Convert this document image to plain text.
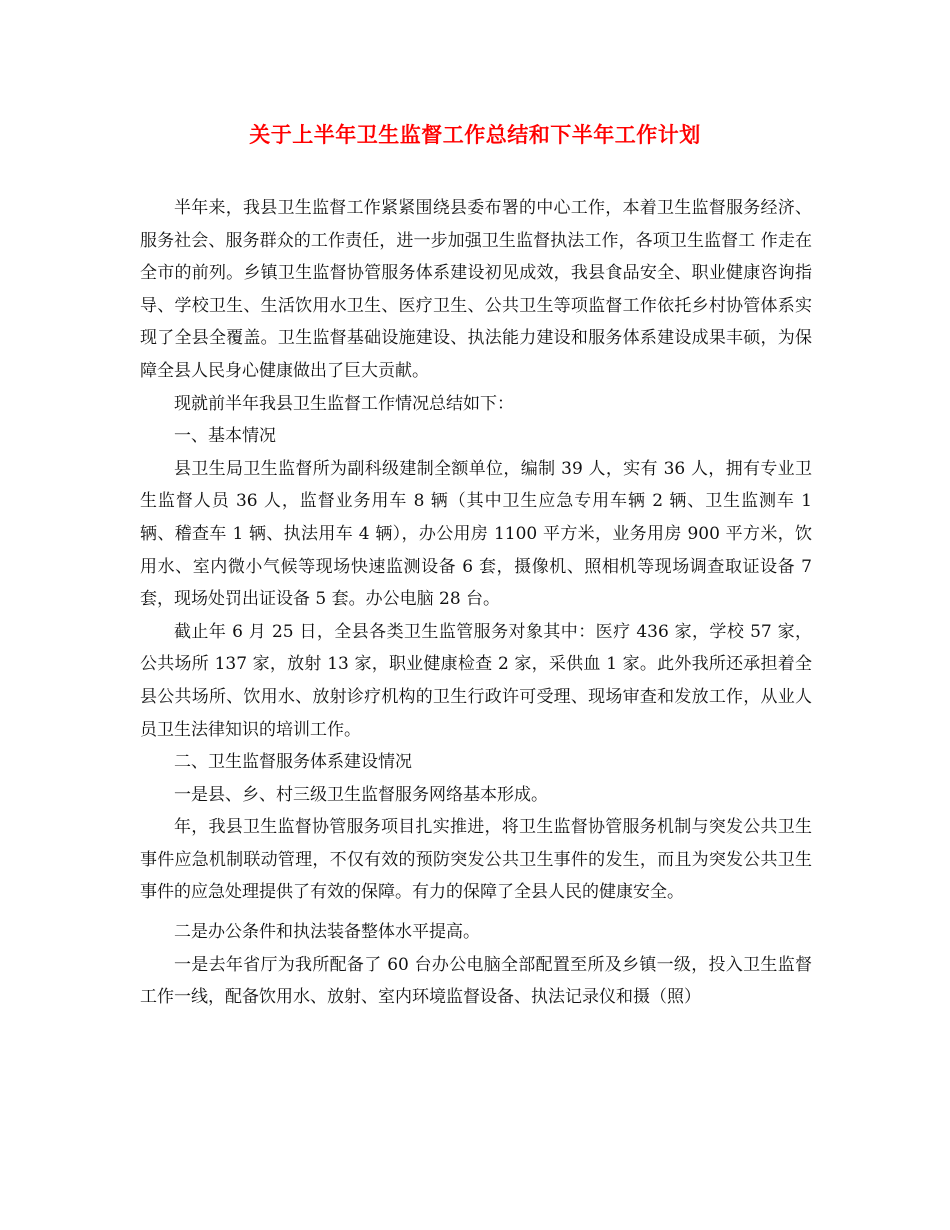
关于上半年卫生监督工作总结和下半年工作计划

半年来，我县卫生监督工作紧紧围绕县委布署的中心工作，本着卫生监督服务经济、服务社会、服务群众的工作责任，进一步加强卫生监督执法工作，各项卫生监督工 作走在全市的前列。乡镇卫生监督协管服务体系建设初见成效，我县食品安全、职业健康咨询指导、学校卫生、生活饮用水卫生、医疗卫生、公共卫生等项监督工作依托乡村协管体系实现了全县全覆盖。卫生监督基础设施建设、执法能力建设和服务体系建设成果丰硕，为保障全县人民身心健康做出了巨大贡献。

现就前半年我县卫生监督工作情况总结如下：

一、基本情况

县卫生局卫生监督所为副科级建制全额单位，编制 39 人，实有 36 人，拥有专业卫生监督人员 36 人，监督业务用车 8 辆（其中卫生应急专用车辆 2 辆、卫生监测车 1 辆、稽查车 1 辆、执法用车 4 辆），办公用房 1100 平方米，业务用房 900 平方米，饮用水、室内微小气候等现场快速监测设备 6 套，摄像机、照相机等现场调查取证设备 7 套，现场处罚出证设备 5 套。办公电脑 28 台。

截止年 6 月 25 日，全县各类卫生监管服务对象其中：医疗 436 家，学校 57 家，公共场所 137 家，放射 13 家，职业健康检查 2 家，采供血 1 家。此外我所还承担着全县公共场所、饮用水、放射诊疗机构的卫生行政许可受理、现场审查和发放工作，从业人员卫生法律知识的培训工作。

二、卫生监督服务体系建设情况

一是县、乡、村三级卫生监督服务网络基本形成。

年，我县卫生监督协管服务项目扎实推进，将卫生监督协管服务机制与突发公共卫生事件应急机制联动管理，不仅有效的预防突发公共卫生事件的发生，而且为突发公共卫生事件的应急处理提供了有效的保障。有力的保障了全县人民的健康安全。

二是办公条件和执法装备整体水平提高。

一是去年省厅为我所配备了 60 台办公电脑全部配置至所及乡镇一级，投入卫生监督工作一线，配备饮用水、放射、室内环境监督设备、执法记录仪和摄（照）
